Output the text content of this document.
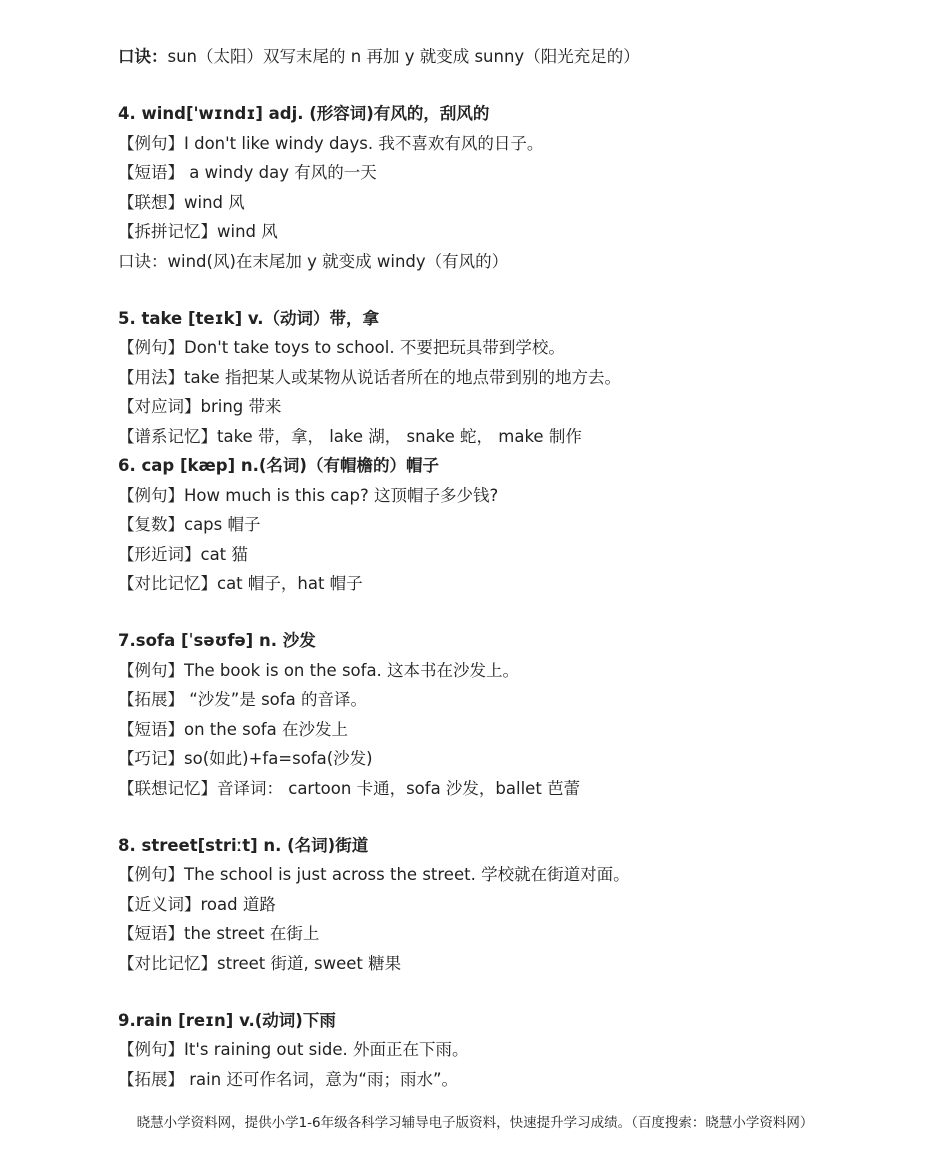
口诀：sun（太阳）双写末尾的 n 再加 y 就变成 sunny（阳光充足的）
4. wind['wɪndɪ] adj. (形容词)有风的，刮风的
【例句】I don't like windy days. 我不喜欢有风的日子。
【短语】 a windy day 有风的一天
【联想】wind 风
【拆拼记忆】wind 风
口诀：wind(风)在末尾加 y 就变成 windy（有风的）
5. take [teɪk] v.（动词）带，拿
【例句】Don't take toys to school. 不要把玩具带到学校。
【用法】take 指把某人或某物从说话者所在的地点带到别的地方去。
【对应词】bring 带来
【谱系记忆】take 带，拿， lake 湖， snake 蛇， make 制作
6. cap [kæp] n.(名词)（有帽檐的）帽子
【例句】How much is this cap? 这顶帽子多少钱?
【复数】caps 帽子
【形近词】cat 猫
【对比记忆】cat 帽子，hat 帽子
7.sofa [ˈsəʊfə] n. 沙发
【例句】The book is on the sofa. 这本书在沙发上。
【拓展】 “沙发”是 sofa 的音译。
【短语】on the sofa 在沙发上
【巧记】so(如此)+fa=sofa(沙发)
【联想记忆】音译词： cartoon 卡通，sofa 沙发，ballet 芭蕾
8. street[striːt] n. (名词)街道
【例句】The school is just across the street. 学校就在街道对面。
【近义词】road 道路
【短语】the street 在街上
【对比记忆】street 街道, sweet 糖果
9.rain [reɪn] v.(动词)下雨
【例句】It's raining out side. 外面正在下雨。
【拓展】 rain 还可作名词，意为“雨；雨水”。
晓慧小学资料网，提供小学1-6年级各科学习辅导电子版资料，快速提升学习成绩。（百度搜索：晓慧小学资料网）
